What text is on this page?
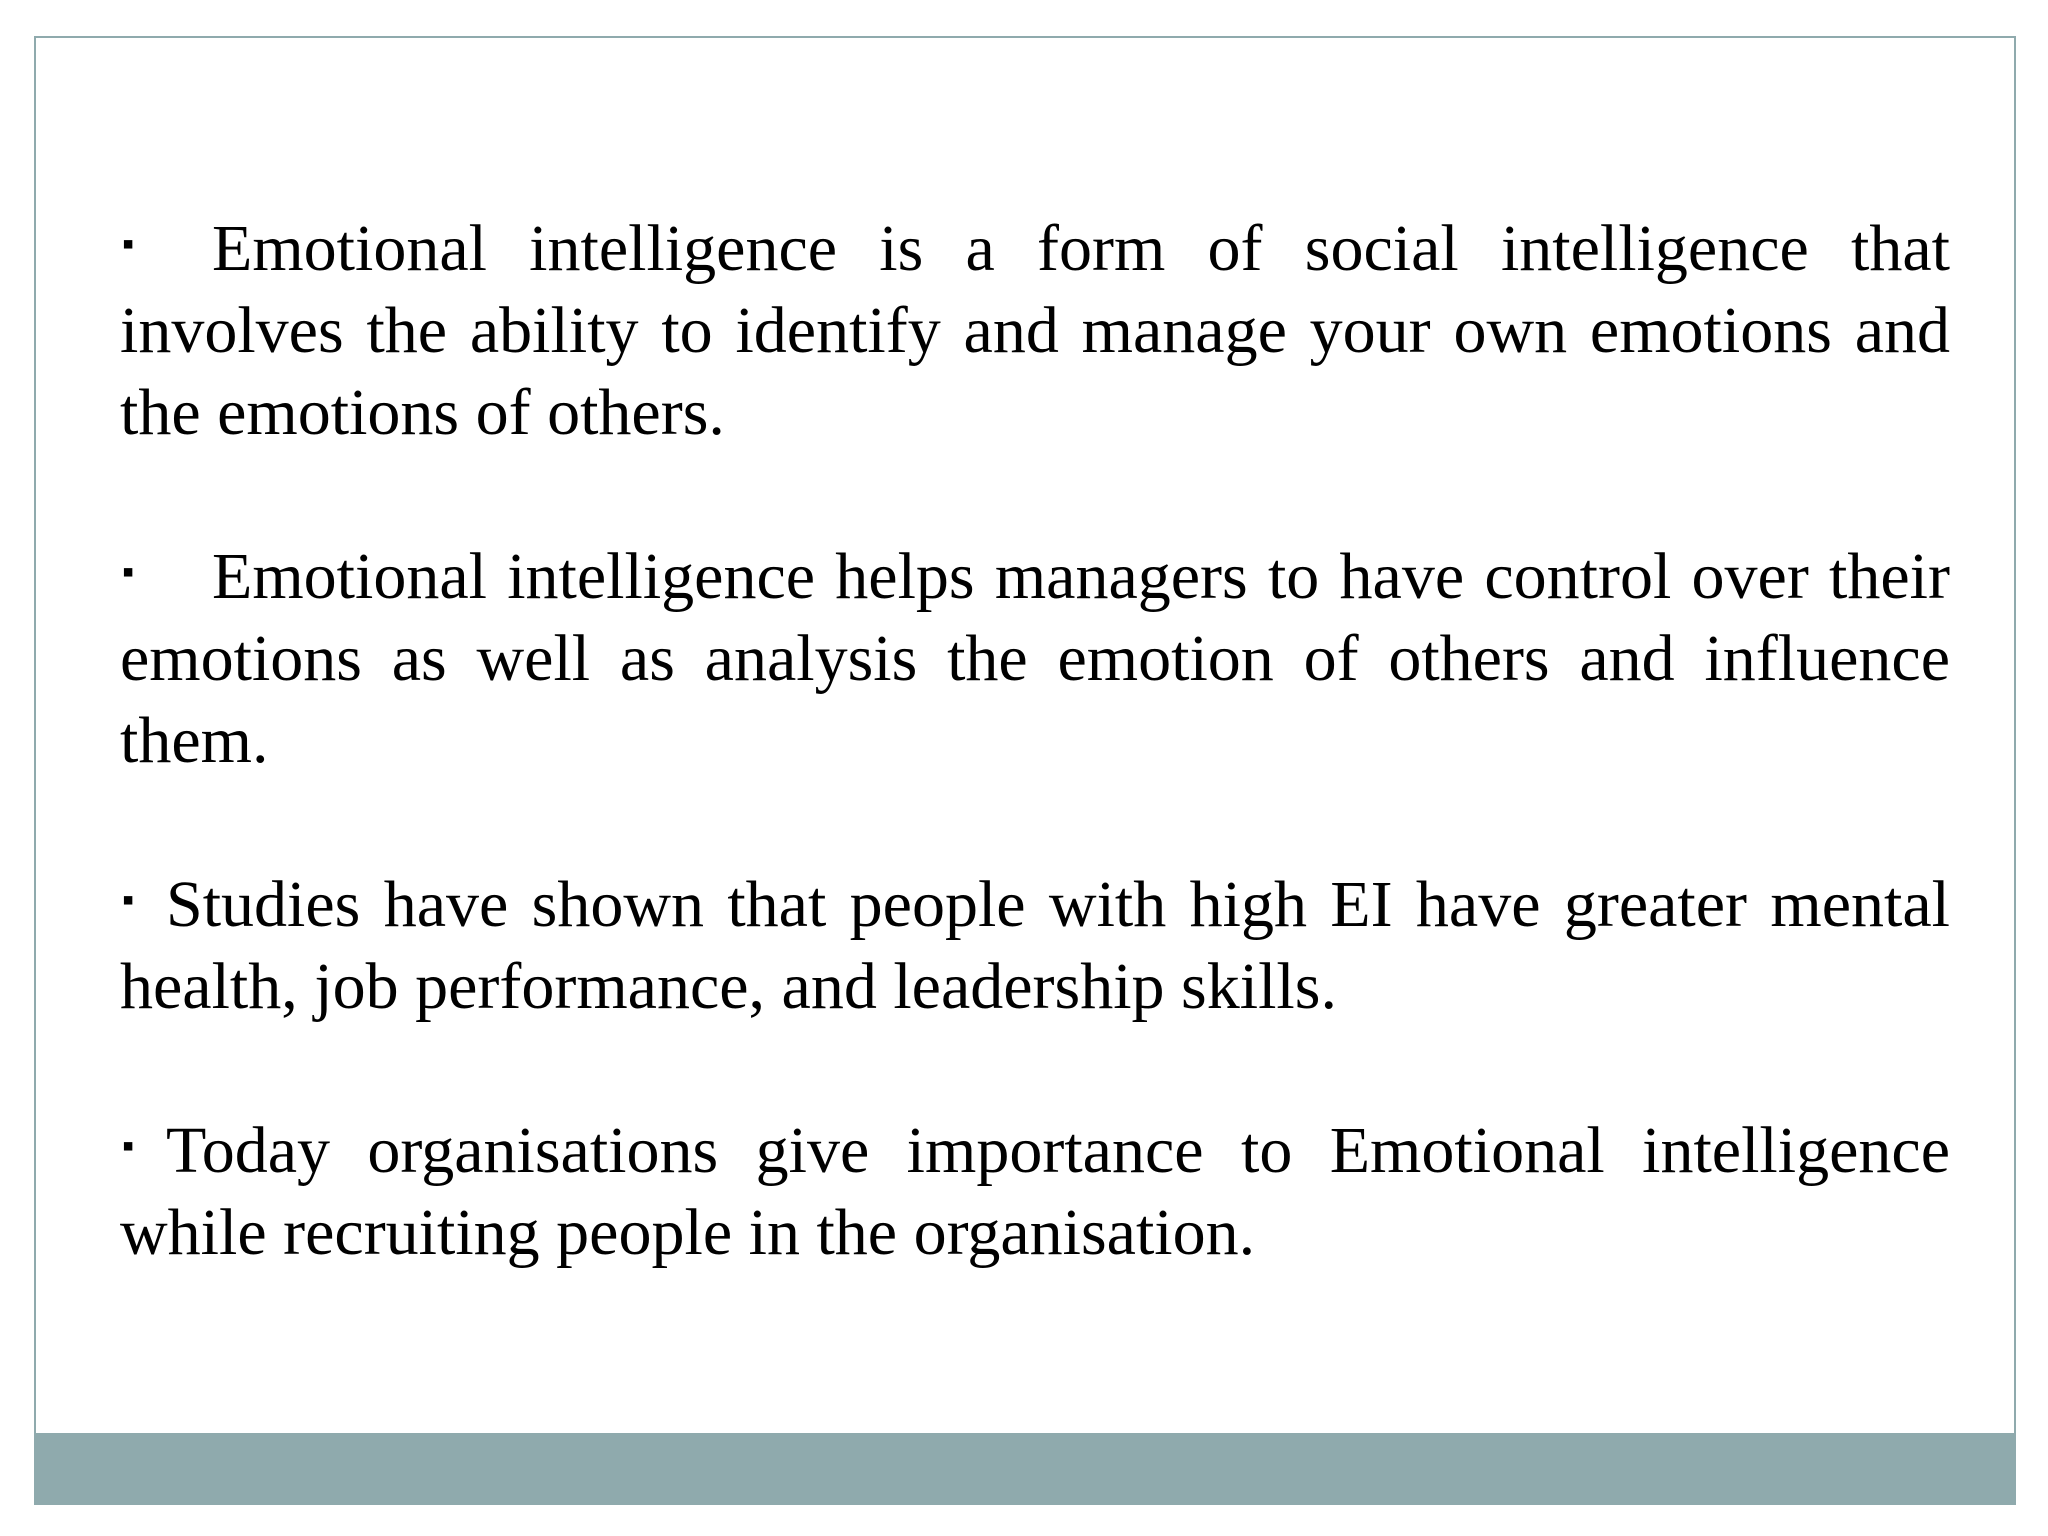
▪ Emotional intelligence is a form of social intelligence that involves the ability to identify and manage your own emotions and the emotions of others.

▪ Emotional intelligence helps managers to have control over their emotions as well as analysis the emotion of others and influence them.

▪ Studies have shown that people with high EI have greater mental health, job performance, and leadership skills.

▪ Today organisations give importance to Emotional intelligence while recruiting people in the organisation.
